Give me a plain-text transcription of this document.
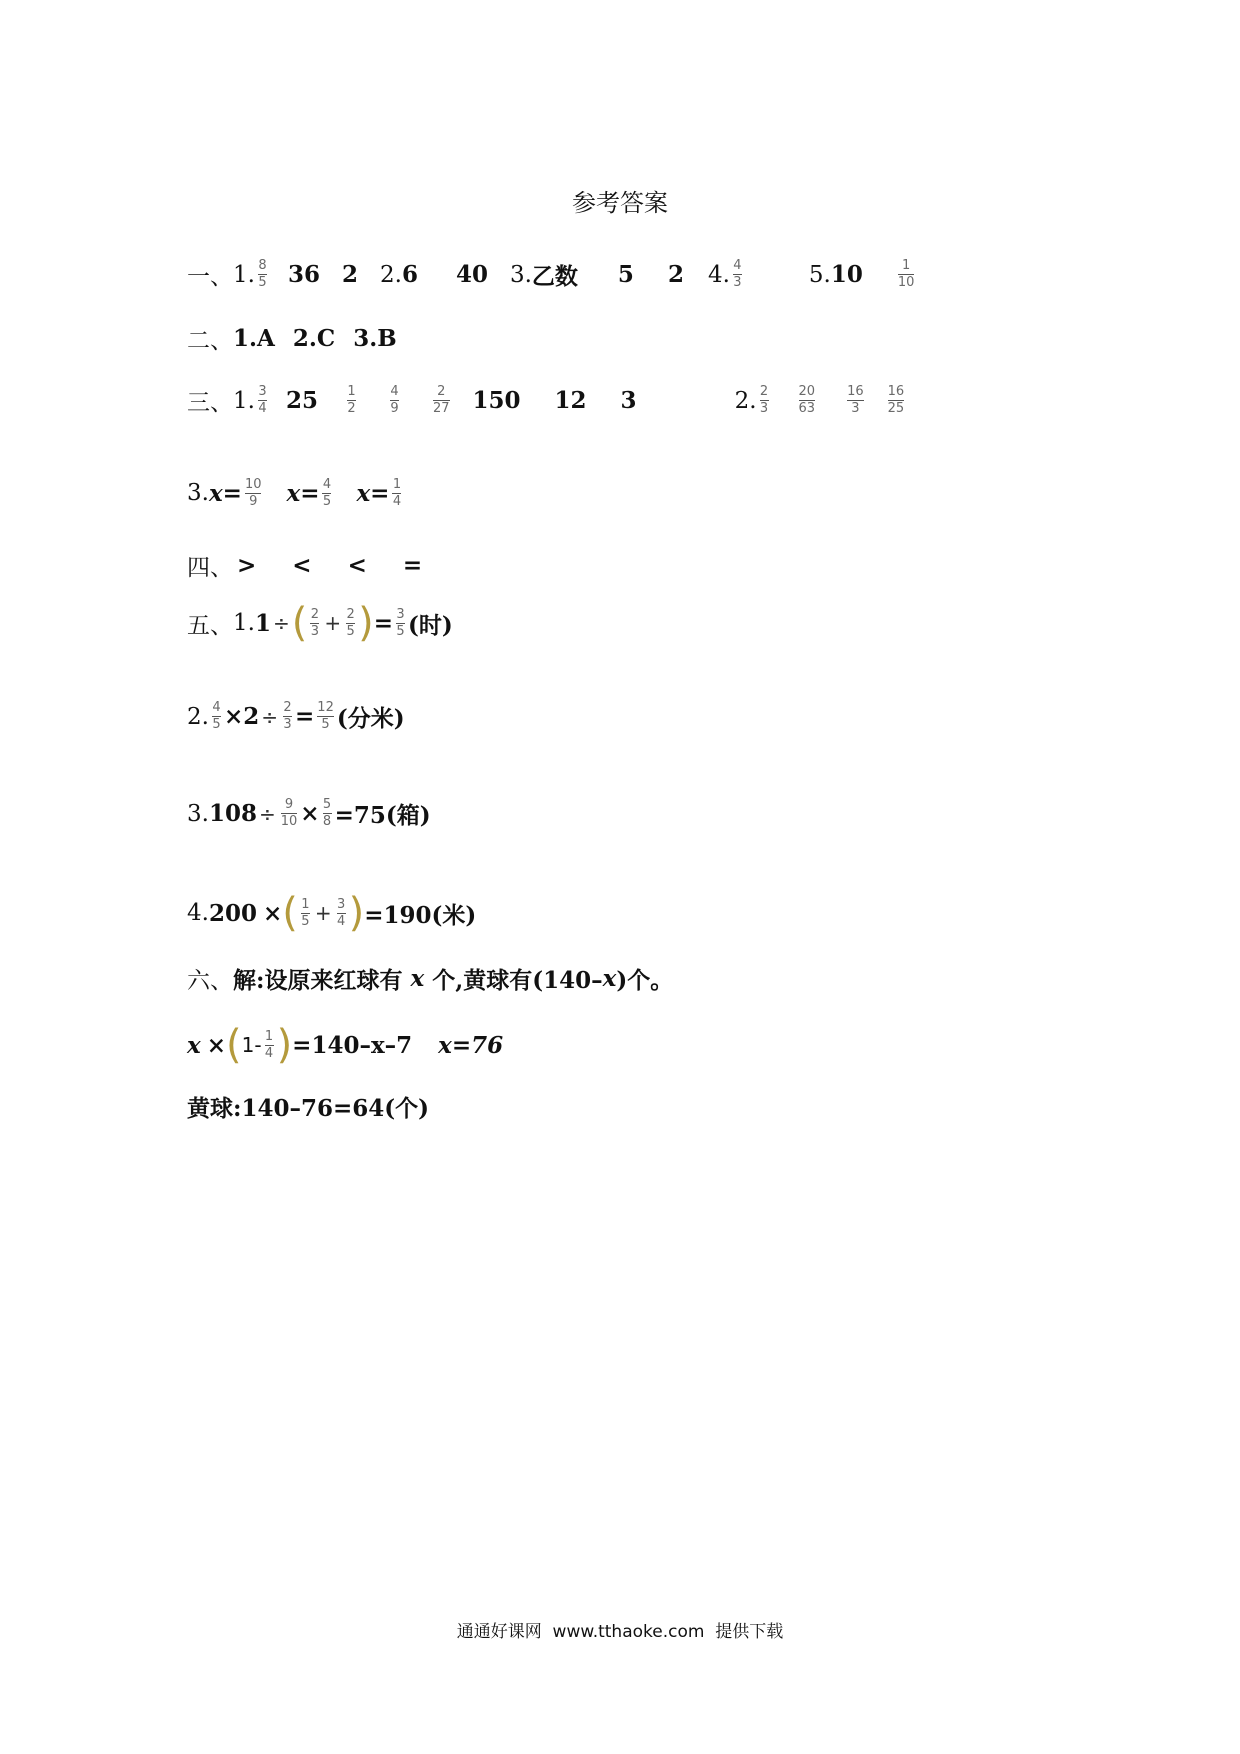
参考答案
一、 1. $\frac{8}{5} 36$ 2 2. 6 40 3. 乙数 5 2 4. $\frac{4}{3}$	5. 10	$\frac{1}{10}$
二、 1.A 2.C 3.B
三、 1. $\frac{3}{4} 25 \frac{1}{2}$	$\frac{4}{9}$	$\frac{2}{27} 150$ 12 3	2. $\frac{2}{3} \frac{20}{63} \frac{16}{3} \frac{16}{25}$
3. $x= \frac{10}{9} x= \frac{4}{5} x= \frac{1}{4}$
四、 > < < =
五、 1. 1 ÷ ( $\frac{2}{3} + \frac{2}{5}$ ) = $\frac{3}{5}$ (时)
2. $\frac{4}{5} \times 2 \div \frac{2}{3} = \frac{12}{5}$ (分米)
3. $108 \div \frac{9}{10} \times \frac{5}{8} =75$(箱)
4. 200 × ( $\frac{1}{5} + \frac{3}{4}$ ) =190(米)
六、 解:设原来红球有 x 个,黄球有(140– x )个。
x × ( $1- \frac{1}{4}$ ) =140–x–7 x=76
黄球:140–76=64(个)
通通好课网  www.tthaoke.com  提供下载
